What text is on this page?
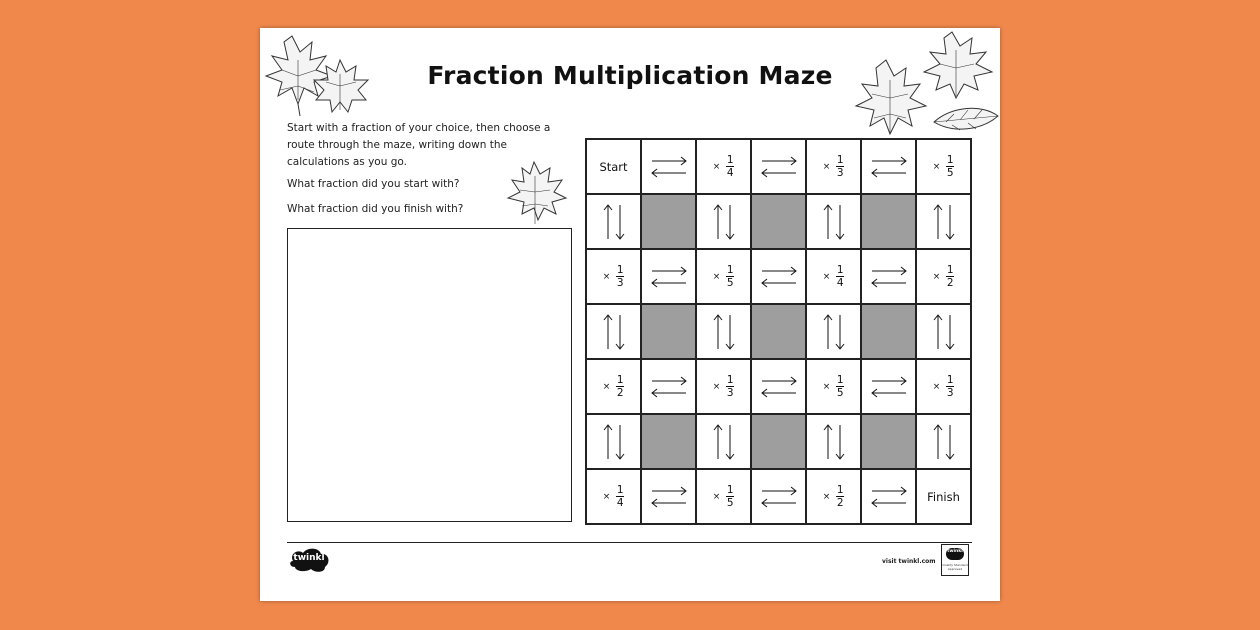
Fraction Multiplication Maze
Start with a fraction of your choice, then choose a route through the maze, writing down the calculations as you go.
What fraction did you start with?
What fraction did you finish with?
Start	× $\frac{1}{4}$	× $\frac{1}{3}$	× $\frac{1}{5}$
× $\frac{1}{3}$	× $\frac{1}{5}$	× $\frac{1}{4}$	× $\frac{1}{2}$
× $\frac{1}{2}$	× $\frac{1}{3}$	× $\frac{1}{5}$	× $\frac{1}{3}$
× $\frac{1}{4}$	× $\frac{1}{5}$	× $\frac{1}{2}$	Finish
twinkl	visit twinkl.com
twinkl
Quality Standard Approved
